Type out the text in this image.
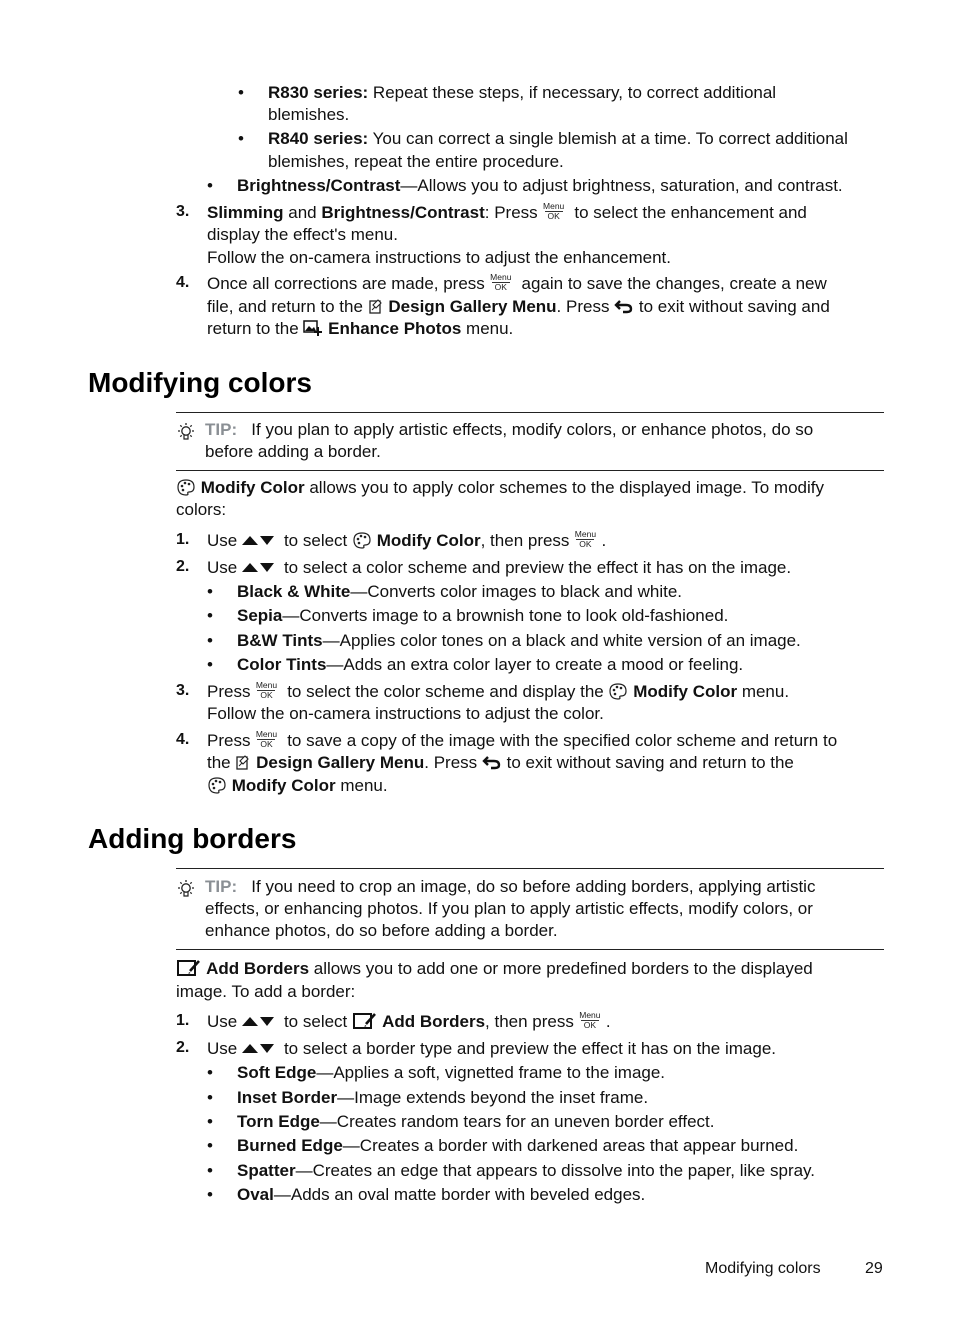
• R830 series: Repeat these steps, if necessary, to correct additional
blemishes.
• R840 series: You can correct a single blemish at a time. To correct additional
blemishes, repeat the entire procedure.
• Brightness/Contrast—Allows you to adjust brightness, saturation, and contrast.
3. Slimming and Brightness/Contrast: Press Menu
OK to select the enhancement and
display the effect's menu.
Follow the on-camera instructions to adjust the enhancement.
4. Once all corrections are made, press Menu
OK again to save the changes, create a new
file, and return to the  Design Gallery Menu. Press  to exit without saving and
return to the  Enhance Photos menu.
Modifying colors
TIP: If you plan to apply artistic effects, modify colors, or enhance photos, do so
before adding a border.
Modify Color allows you to apply color schemes to the displayed image. To modify
colors:
1. Use to select  Modify Color, then press Menu
OK .
2. Use to select a color scheme and preview the effect it has on the image.
• Black & White—Converts color images to black and white.
• Sepia—Converts image to a brownish tone to look old-fashioned.
• B&W Tints—Applies color tones on a black and white version of an image.
• Color Tints—Adds an extra color layer to create a mood or feeling.
3. Press Menu
OK to select the color scheme and display the  Modify Color menu.
Follow the on-camera instructions to adjust the color.
4. Press Menu
OK to save a copy of the image with the specified color scheme and return to
the  Design Gallery Menu. Press  to exit without saving and return to the
Modify Color menu.
Adding borders
TIP: If you need to crop an image, do so before adding borders, applying artistic
effects, or enhancing photos. If you plan to apply artistic effects, modify colors, or
enhance photos, do so before adding a border.
Add Borders allows you to add one or more predefined borders to the displayed
image. To add a border:
1. Use to select  Add Borders, then press Menu
OK .
2. Use to select a border type and preview the effect it has on the image.
• Soft Edge—Applies a soft, vignetted frame to the image.
• Inset Border—Image extends beyond the inset frame.
• Torn Edge—Creates random tears for an uneven border effect.
• Burned Edge—Creates a border with darkened areas that appear burned.
• Spatter—Creates an edge that appears to dissolve into the paper, like spray.
• Oval—Adds an oval matte border with beveled edges.
Modifying colors	29
